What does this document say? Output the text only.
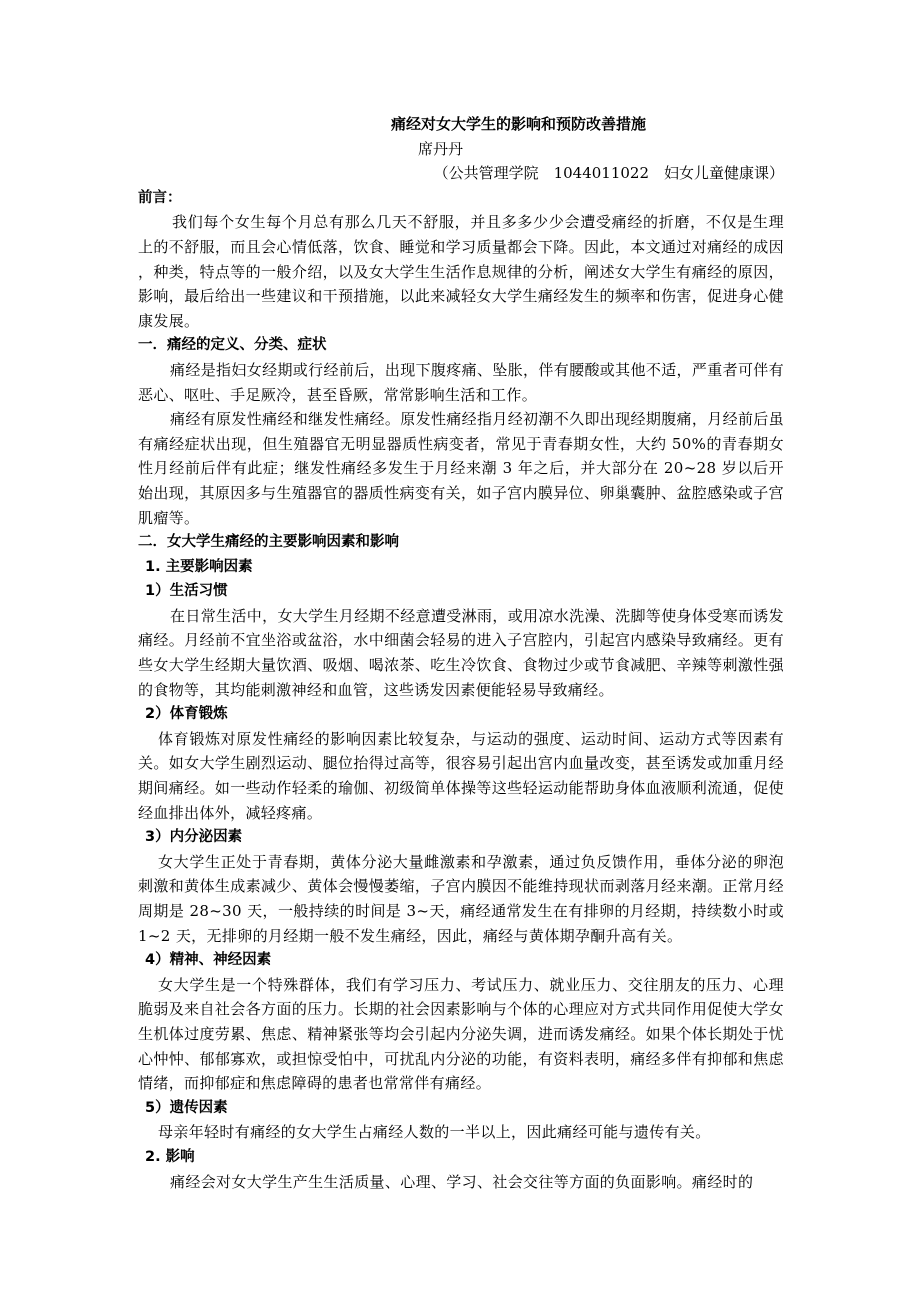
痛经对女大学生的影响和预防改善措施
席丹丹
（公共管理学院　1044011022　妇女儿童健康课）
前言：

我们每个女生每个月总有那么几天不舒服，并且多多少少会遭受痛经的折磨，不仅是生理上的不舒服，而且会心情低落，饮食、睡觉和学习质量都会下降。因此，本文通过对痛经的成因，种类，特点等的一般介绍，以及女大学生生活作息规律的分析，阐述女大学生有痛经的原因，影响，最后给出一些建议和干预措施，以此来减轻女大学生痛经发生的频率和伤害，促进身心健康发展。

一．痛经的定义、分类、症状

痛经是指妇女经期或行经前后，出现下腹疼痛、坠胀，伴有腰酸或其他不适，严重者可伴有恶心、呕吐、手足厥冷，甚至昏厥，常常影响生活和工作。

痛经有原发性痛经和继发性痛经。原发性痛经指月经初潮不久即出现经期腹痛，月经前后虽有痛经症状出现，但生殖器官无明显器质性病变者，常见于青春期女性，大约 50%的青春期女性月经前后伴有此症；继发性痛经多发生于月经来潮 3 年之后，并大部分在 20~28 岁以后开始出现，其原因多与生殖器官的器质性病变有关，如子宫内膜异位、卵巢囊肿、盆腔感染或子宫肌瘤等。

二．女大学生痛经的主要影响因素和影响
1. 主要影响因素
1）生活习惯

在日常生活中，女大学生月经期不经意遭受淋雨，或用凉水洗澡、洗脚等使身体受寒而诱发痛经。月经前不宜坐浴或盆浴，水中细菌会轻易的进入子宫腔内，引起宫内感染导致痛经。更有些女大学生经期大量饮酒、吸烟、喝浓茶、吃生冷饮食、食物过少或节食减肥、辛辣等刺激性强的食物等，其均能刺激神经和血管，这些诱发因素便能轻易导致痛经。

2）体育锻炼

体育锻炼对原发性痛经的影响因素比较复杂，与运动的强度、运动时间、运动方式等因素有关。如女大学生剧烈运动、腿位抬得过高等，很容易引起出宫内血量改变，甚至诱发或加重月经期间痛经。如一些动作轻柔的瑜伽、初级简单体操等这些轻运动能帮助身体血液顺利流通，促使经血排出体外，减轻疼痛。

3）内分泌因素

女大学生正处于青春期，黄体分泌大量雌激素和孕激素，通过负反馈作用，垂体分泌的卵泡刺激和黄体生成素减少、黄体会慢慢萎缩，子宫内膜因不能维持现状而剥落月经来潮。正常月经周期是 28~30 天，一般持续的时间是 3~天，痛经通常发生在有排卵的月经期，持续数小时或 1~2 天，无排卵的月经期一般不发生痛经，因此，痛经与黄体期孕酮升高有关。

4）精神、神经因素

女大学生是一个特殊群体，我们有学习压力、考试压力、就业压力、交往朋友的压力、心理脆弱及来自社会各方面的压力。长期的社会因素影响与个体的心理应对方式共同作用促使大学女生机体过度劳累、焦虑、精神紧张等均会引起内分泌失调，进而诱发痛经。如果个体长期处于忧心忡忡、郁郁寡欢，或担惊受怕中，可扰乱内分泌的功能，有资料表明，痛经多伴有抑郁和焦虑情绪，而抑郁症和焦虑障碍的患者也常常伴有痛经。

5）遗传因素

母亲年轻时有痛经的女大学生占痛经人数的一半以上，因此痛经可能与遗传有关。

2. 影响

痛经会对女大学生产生生活质量、心理、学习、社会交往等方面的负面影响。痛经时的
